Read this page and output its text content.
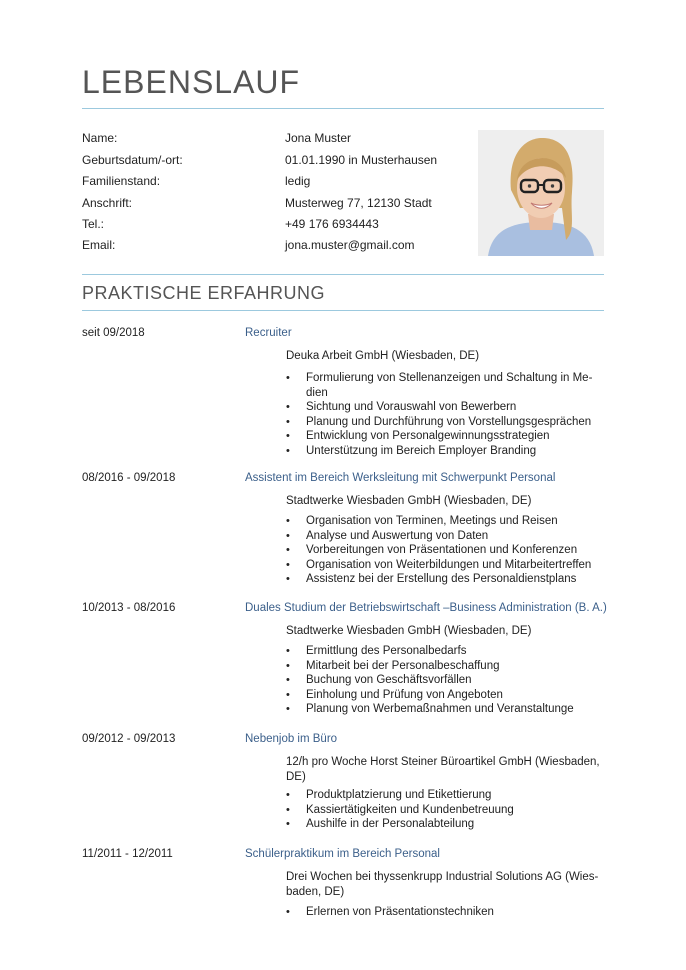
LEBENSLAUF
Name:	Jona Muster
Geburtsdatum/-ort:	01.01.1990 in Musterhausen
Familienstand:	ledig
Anschrift:	Musterweg 77, 12130 Stadt
Tel.:	+49 176 6934443
Email:	jona.muster@gmail.com
PRAKTISCHE ERFAHRUNG
seit 09/2018	Recruiter
Deuka Arbeit GmbH (Wiesbaden, DE)
• Formulierung von Stellenanzeigen und Schaltung in Me-dien
• Sichtung und Vorauswahl von Bewerbern
• Planung und Durchführung von Vorstellungsgesprächen
• Entwicklung von Personalgewinnungsstrategien
• Unterstützung im Bereich Employer Branding
08/2016 - 09/2018	Assistent im Bereich Werksleitung mit Schwerpunkt Personal
Stadtwerke Wiesbaden GmbH (Wiesbaden, DE)
• Organisation von Terminen, Meetings und Reisen
• Analyse und Auswertung von Daten
• Vorbereitungen von Präsentationen und Konferenzen
• Organisation von Weiterbildungen und Mitarbeitertreffen
• Assistenz bei der Erstellung des Personaldienstplans
10/2013 - 08/2016	Duales Studium der Betriebswirtschaft –Business Administration (B. A.)
Stadtwerke Wiesbaden GmbH (Wiesbaden, DE)
• Ermittlung des Personalbedarfs
• Mitarbeit bei der Personalbeschaffung
• Buchung von Geschäftsvorfällen
• Einholung und Prüfung von Angeboten
• Planung von Werbemaßnahmen und Veranstaltunge
09/2012 - 09/2013	Nebenjob im Büro
12/h pro Woche Horst Steiner Büroartikel GmbH (Wiesbaden, DE)
• Produktplatzierung und Etikettierung
• Kassiertätigkeiten und Kundenbetreuung
• Aushilfe in der Personalabteilung
11/2011 - 12/2011	Schülerpraktikum im Bereich Personal
Drei Wochen bei thyssenkrupp Industrial Solutions AG (Wies-baden, DE)
• Erlernen von Präsentationstechniken
